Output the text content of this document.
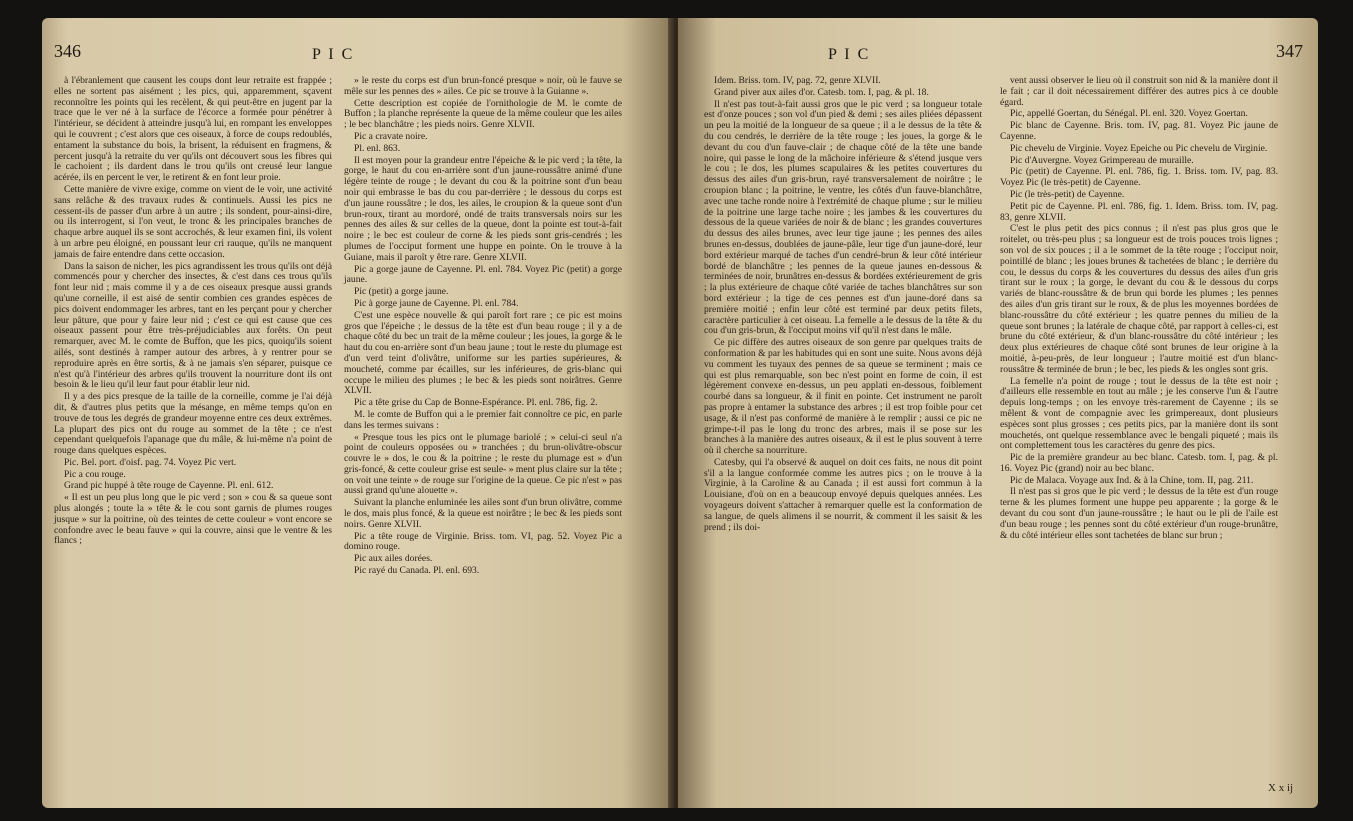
346	P I C

à l'ébranlement que causent les coups dont leur retraite est frappée ; elles ne sortent pas aisément ; les pics, qui, apparemment, sçavent reconnoître les points qui les recèlent, & qui peut-être en jugent par la trace que le ver né à la surface de l'écorce a formée pour pénétrer à l'intérieur, se décident à atteindre jusqu'à lui, en rompant les enveloppes qui le couvrent ; c'est alors que ces oiseaux, à force de coups redoublés, entament la substance du bois, la brisent, la réduisent en fragmens, & percent jusqu'à la retraite du ver qu'ils ont découvert sous les fibres qui le cachoient ; ils dardent dans le trou qu'ils ont creusé leur langue acérée, ils en percent le ver, le retirent & en font leur proie.

Cette manière de vivre exige, comme on vient de le voir, une activité sans relâche & des travaux rudes & continuels. Aussi les pics ne cessent-ils de passer d'un arbre à un autre ; ils sondent, pour-ainsi-dire, ou ils interrogent, si l'on veut, le tronc & les principales branches de chaque arbre auquel ils se sont accrochés, & leur examen fini, ils volent à un arbre peu éloigné, en poussant leur cri rauque, qu'ils ne manquent jamais de faire entendre dans cette occasion.

Dans la saison de nicher, les pics agrandissent les trous qu'ils ont déjà commencés pour y chercher des insectes, & c'est dans ces trous qu'ils font leur nid ; mais comme il y a de ces oiseaux presque aussi grands qu'une corneille, il est aisé de sentir combien ces grandes espèces de pics doivent endommager les arbres, tant en les perçant pour y chercher leur pâture, que pour y faire leur nid ; c'est ce qui est cause que ces oiseaux passent pour être très-préjudiciables aux forêts. On peut remarquer, avec M. le comte de Buffon, que les pics, quoiqu'ils soient ailés, sont destinés à ramper autour des arbres, à y rentrer pour se reproduire après en être sortis, & à ne jamais s'en séparer, puisque ce n'est qu'à l'intérieur des arbres qu'ils trouvent la nourriture dont ils ont besoin & le lieu qu'il leur faut pour établir leur nid.

Il y a des pics presque de la taille de la corneille, comme je l'ai déjà dit, & d'autres plus petits que la mésange, en même temps qu'on en trouve de tous les degrés de grandeur moyenne entre ces deux extrêmes. La plupart des pics ont du rouge au sommet de la tête ; ce n'est cependant quelquefois l'apanage que du mâle, & lui-même n'a point de rouge dans quelques espèces.

Pic. Bel. port. d'oisf. pag. 74. Voyez Pic vert.

Pic a cou rouge.

Grand pic huppé à tête rouge de Cayenne. Pl. enl. 612.

« Il est un peu plus long que le pic verd ; son » cou & sa queue sont plus alongés ; toute la » tête & le cou sont garnis de plumes rouges jusque » sur la poitrine, où des teintes de cette couleur » vont encore se confondre avec le beau fauve » qui la couvre, ainsi que le ventre & les flancs ;

» le reste du corps est d'un brun-foncé presque » noir, où le fauve se mêle sur les pennes des » ailes. Ce pic se trouve à la Guianne ».

Cette description est copiée de l'ornithologie de M. le comte de Buffon ; la planche représente la queue de la même couleur que les ailes ; le bec blanchâtre ; les pieds noirs. Genre XLVII.

Pic a cravate noire.

Pl. enl. 863.

Il est moyen pour la grandeur entre l'épeiche & le pic verd ; la tête, la gorge, le haut du cou en-arrière sont d'un jaune-roussâtre animé d'une légère teinte de rouge ; le devant du cou & la poitrine sont d'un beau noir qui embrasse le bas du cou par-derrière ; le dessous du corps est d'un jaune roussâtre ; le dos, les ailes, le croupion & la queue sont d'un brun-roux, tirant au mordoré, ondé de traits transversals noirs sur les pennes des ailes & sur celles de la queue, dont la pointe est tout-à-fait noire ; le bec est couleur de corne & les pieds sont gris-cendrés ; les plumes de l'occiput forment une huppe en pointe. On le trouve à la Guiane, mais il paroît y être rare. Genre XLVII.

Pic a gorge jaune de Cayenne. Pl. enl. 784. Voyez Pic (petit) a gorge jaune.

Pic (petit) a gorge jaune.

Pic à gorge jaune de Cayenne. Pl. enl. 784.

C'est une espèce nouvelle & qui paroît fort rare ; ce pic est moins gros que l'épeiche ; le dessus de la tête est d'un beau rouge ; il y a de chaque côté du bec un trait de la même couleur ; les joues, la gorge & le haut du cou en-arrière sont d'un beau jaune ; tout le reste du plumage est d'un verd teint d'olivâtre, uniforme sur les parties supérieures, & moucheté, comme par écailles, sur les inférieures, de gris-blanc qui occupe le milieu des plumes ; le bec & les pieds sont noirâtres. Genre XLVII.

Pic a tête grise du Cap de Bonne-Espérance. Pl. enl. 786, fig. 2.

M. le comte de Buffon qui a le premier fait connoître ce pic, en parle dans les termes suivans :

« Presque tous les pics ont le plumage bariolé ; » celui-ci seul n'a point de couleurs opposées ou » tranchées ; du brun-olivâtre-obscur couvre le » dos, le cou & la poitrine ; le reste du plumage est » d'un gris-foncé, & cette couleur grise est seule- » ment plus claire sur la tête ; on voit une teinte » de rouge sur l'origine de la queue. Ce pic n'est » pas aussi grand qu'une alouette ».

Suivant la planche enluminée les ailes sont d'un brun olivâtre, comme le dos, mais plus foncé, & la queue est noirâtre ; le bec & les pieds sont noirs. Genre XLVII.

Pic a tête rouge de Virginie. Briss. tom. VI, pag. 52. Voyez Pic a domino rouge.

Pic aux ailes dorées.

Pic rayé du Canada. Pl. enl. 693.

P I C	347

Idem. Briss. tom. IV, pag. 72, genre XLVII.

Grand piver aux ailes d'or. Catesb. tom. I, pag. & pl. 18.

Il n'est pas tout-à-fait aussi gros que le pic verd ; sa longueur totale est d'onze pouces ; son vol d'un pied & demi ; ses ailes pliées dépassent un peu la moitié de la longueur de sa queue ; il a le dessus de la tête & du cou cendrés, le derrière de la tête rouge ; les joues, la gorge & le devant du cou d'un fauve-clair ; de chaque côté de la tête une bande noire, qui passe le long de la mâchoire inférieure & s'étend jusque vers le cou ; le dos, les plumes scapulaires & les petites couvertures du dessus des ailes d'un gris-brun, rayé transversalement de noirâtre ; le croupion blanc ; la poitrine, le ventre, les côtés d'un fauve-blanchâtre, avec une tache ronde noire à l'extrémité de chaque plume ; sur le milieu de la poitrine une large tache noire ; les jambes & les couvertures du dessous de la queue variées de noir & de blanc ; les grandes couvertures du dessus des ailes brunes, avec leur tige jaune ; les pennes des ailes brunes en-dessus, doublées de jaune-pâle, leur tige d'un jaune-doré, leur bord extérieur marqué de taches d'un cendré-brun & leur côté intérieur bordé de blanchâtre ; les pennes de la queue jaunes en-dessous & terminées de noir, brunâtres en-dessus & bordées extérieurement de gris ; la plus extérieure de chaque côté variée de taches blanchâtres sur son bord extérieur ; la tige de ces pennes est d'un jaune-doré dans sa première moitié ; enfin leur côté est terminé par deux petits filets, caractère particulier à cet oiseau. La femelle a le dessus de la tête & du cou d'un gris-brun, & l'occiput moins vif qu'il n'est dans le mâle.

Ce pic diffère des autres oiseaux de son genre par quelques traits de conformation & par les habitudes qui en sont une suite. Nous avons déjà vu comment les tuyaux des pennes de sa queue se terminent ; mais ce qui est plus remarquable, son bec n'est point en forme de coin, il est légèrement convexe en-dessus, un peu applati en-dessous, foiblement courbé dans sa longueur, & il finit en pointe. Cet instrument ne paroît pas propre à entamer la substance des arbres ; il est trop foible pour cet usage, & il n'est pas conformé de manière à le remplir ; aussi ce pic ne grimpe-t-il pas le long du tronc des arbres, mais il se pose sur les branches à la manière des autres oiseaux, & il est le plus souvent à terre où il cherche sa nourriture.

Catesby, qui l'a observé & auquel on doit ces faits, ne nous dit point s'il a la langue conformée comme les autres pics ; on le trouve à la Virginie, à la Caroline & au Canada ; il est aussi fort commun à la Louisiane, d'où on en a beaucoup envoyé depuis quelques années. Les voyageurs doivent s'attacher à remarquer quelle est la conformation de sa langue, de quels alimens il se nourrit, & comment il les saisit & les prend ; ils doi-

vent aussi observer le lieu où il construit son nid & la manière dont il le fait ; car il doit nécessairement différer des autres pics à ce double égard.

Pic, appellé Goertan, du Sénégal. Pl. enl. 320. Voyez Goertan.

Pic blanc de Cayenne. Bris. tom. IV, pag. 81. Voyez Pic jaune de Cayenne.

Pic chevelu de Virginie. Voyez Epeiche ou Pic chevelu de Virginie.

Pic d'Auvergne. Voyez Grimpereau de muraille.

Pic (petit) de Cayenne. Pl. enl. 786, fig. 1. Briss. tom. IV, pag. 83. Voyez Pic (le très-petit) de Cayenne.

Pic (le très-petit) de Cayenne.

Petit pic de Cayenne. Pl. enl. 786, fig. 1. Idem. Briss. tom. IV, pag. 83, genre XLVII.

C'est le plus petit des pics connus ; il n'est pas plus gros que le roitelet, ou très-peu plus ; sa longueur est de trois pouces trois lignes ; son vol de six pouces ; il a le sommet de la tête rouge ; l'occiput noir, pointillé de blanc ; les joues brunes & tachetées de blanc ; le derrière du cou, le dessus du corps & les couvertures du dessus des ailes d'un gris tirant sur le roux ; la gorge, le devant du cou & le dessous du corps variés de blanc-roussâtre & de brun qui borde les plumes ; les pennes des ailes d'un gris tirant sur le roux, & de plus les moyennes bordées de blanc-roussâtre du côté extérieur ; les quatre pennes du milieu de la queue sont brunes ; la latérale de chaque côté, par rapport à celles-ci, est brune du côté extérieur, & d'un blanc-roussâtre du côté intérieur ; les deux plus extérieures de chaque côté sont brunes de leur origine à la moitié, à-peu-près, de leur longueur ; l'autre moitié est d'un blanc-roussâtre & terminée de brun ; le bec, les pieds & les ongles sont gris.

La femelle n'a point de rouge ; tout le dessus de la tête est noir ; d'ailleurs elle ressemble en tout au mâle ; je les conserve l'un & l'autre depuis long-temps ; on les envoye très-rarement de Cayenne ; ils se mêlent & vont de compagnie avec les grimpereaux, dont plusieurs espèces sont plus grosses ; ces petits pics, par la manière dont ils sont mouchetés, ont quelque ressemblance avec le bengali piqueté ; mais ils ont complettement tous les caractères du genre des pics.

Pic de la première grandeur au bec blanc. Catesb. tom. I, pag. & pl. 16. Voyez Pic (grand) noir au bec blanc.

Pic de Malaca. Voyage aux Ind. & à la Chine, tom. II, pag. 211.

Il n'est pas si gros que le pic verd ; le dessus de la tête est d'un rouge terne & les plumes forment une huppe peu apparente ; la gorge & le devant du cou sont d'un jaune-roussâtre ; le haut ou le pli de l'aile est d'un beau rouge ; les pennes sont du côté extérieur d'un rouge-brunâtre, & du côté intérieur elles sont tachetées de blanc sur brun ;

X x ij
